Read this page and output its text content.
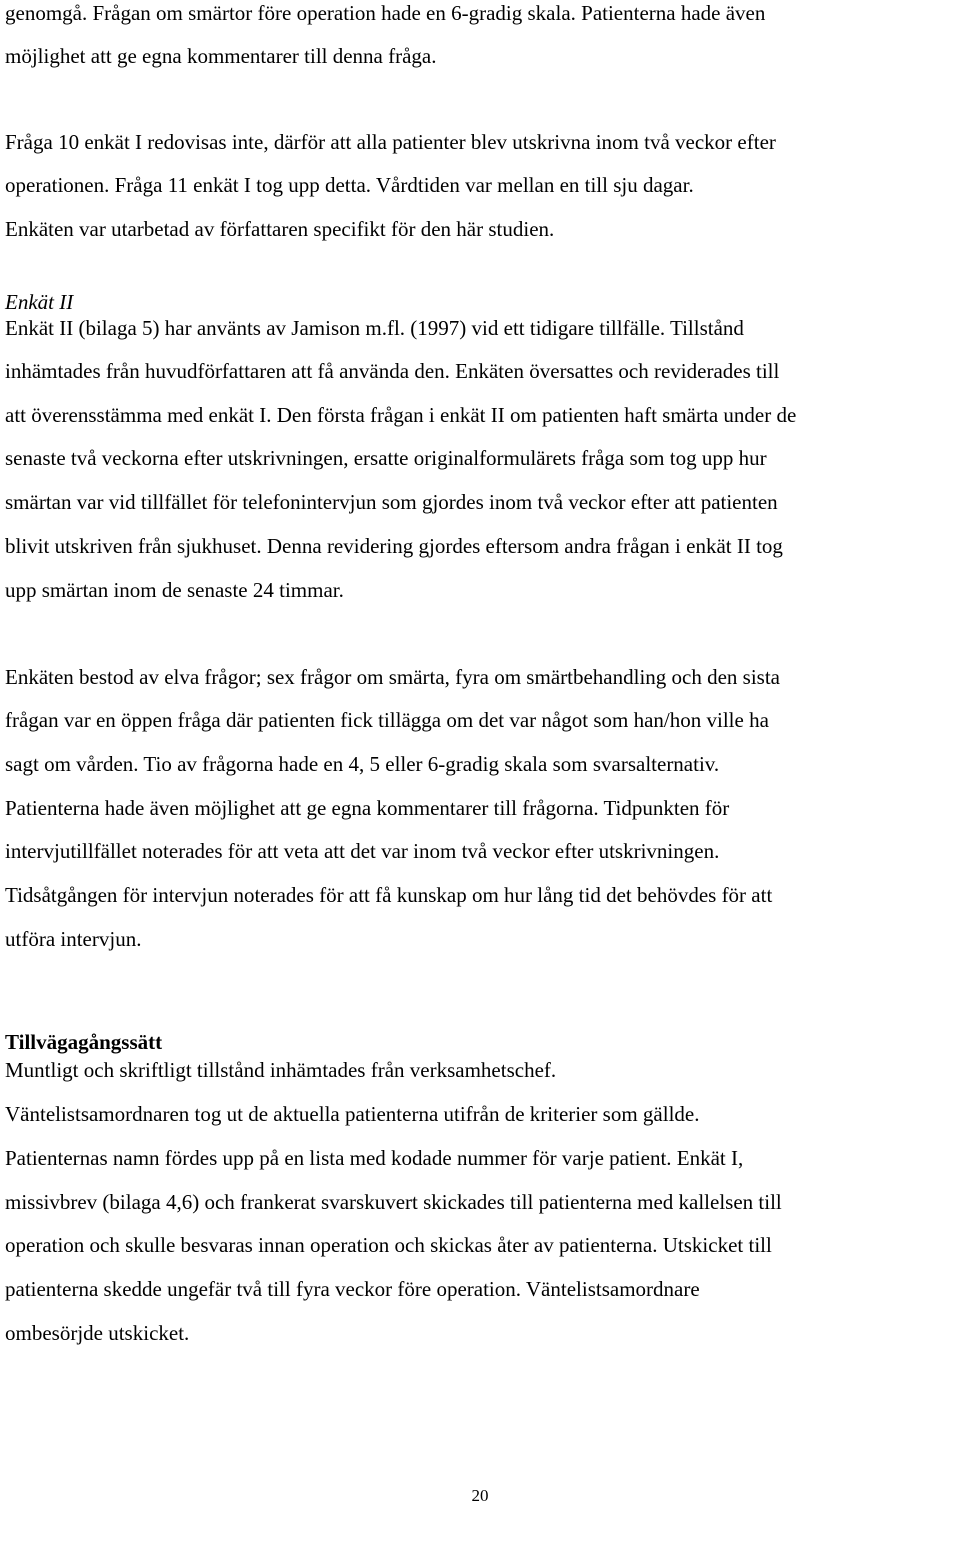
genomgå. Frågan om smärtor före operation hade en 6-gradig skala. Patienterna hade även
möjlighet att ge egna kommentarer till denna fråga.
Fråga 10 enkät I redovisas inte, därför att alla patienter blev utskrivna inom två veckor efter
operationen. Fråga 11 enkät I tog upp detta. Vårdtiden var mellan en till sju dagar.
Enkäten var utarbetad av författaren specifikt för den här studien.
Enkät II
Enkät II (bilaga 5) har använts av Jamison m.fl. (1997) vid ett tidigare tillfälle. Tillstånd
inhämtades från huvudförfattaren att få använda den. Enkäten översattes och reviderades till
att överensstämma med enkät I. Den första frågan i enkät II om patienten haft smärta under de
senaste två veckorna efter utskrivningen, ersatte originalformulärets fråga som tog upp hur
smärtan var vid tillfället för telefonintervjun som gjordes inom två veckor efter att patienten
blivit utskriven från sjukhuset. Denna revidering gjordes eftersom andra frågan i enkät II tog
upp smärtan inom de senaste 24 timmar.
Enkäten bestod av elva frågor; sex frågor om smärta, fyra om smärtbehandling och den sista
frågan var en öppen fråga där patienten fick tillägga om det var något som han/hon ville ha
sagt om vården. Tio av frågorna hade en 4, 5 eller 6-gradig skala som svarsalternativ.
Patienterna hade även möjlighet att ge egna kommentarer till frågorna. Tidpunkten för
intervjutillfället noterades för att veta att det var inom två veckor efter utskrivningen.
Tidsåtgången för intervjun noterades för att få kunskap om hur lång tid det behövdes för att
utföra intervjun.
Tillvägagångssätt
Muntligt och skriftligt tillstånd inhämtades från verksamhetschef.
Väntelistsamordnaren tog ut de aktuella patienterna utifrån de kriterier som gällde.
Patienternas namn fördes upp på en lista med kodade nummer för varje patient. Enkät I,
missivbrev (bilaga 4,6) och frankerat svarskuvert skickades till patienterna med kallelsen till
operation och skulle besvaras innan operation och skickas åter av patienterna. Utskicket till
patienterna skedde ungefär två till fyra veckor före operation. Väntelistsamordnare
ombesörjde utskicket.
20
